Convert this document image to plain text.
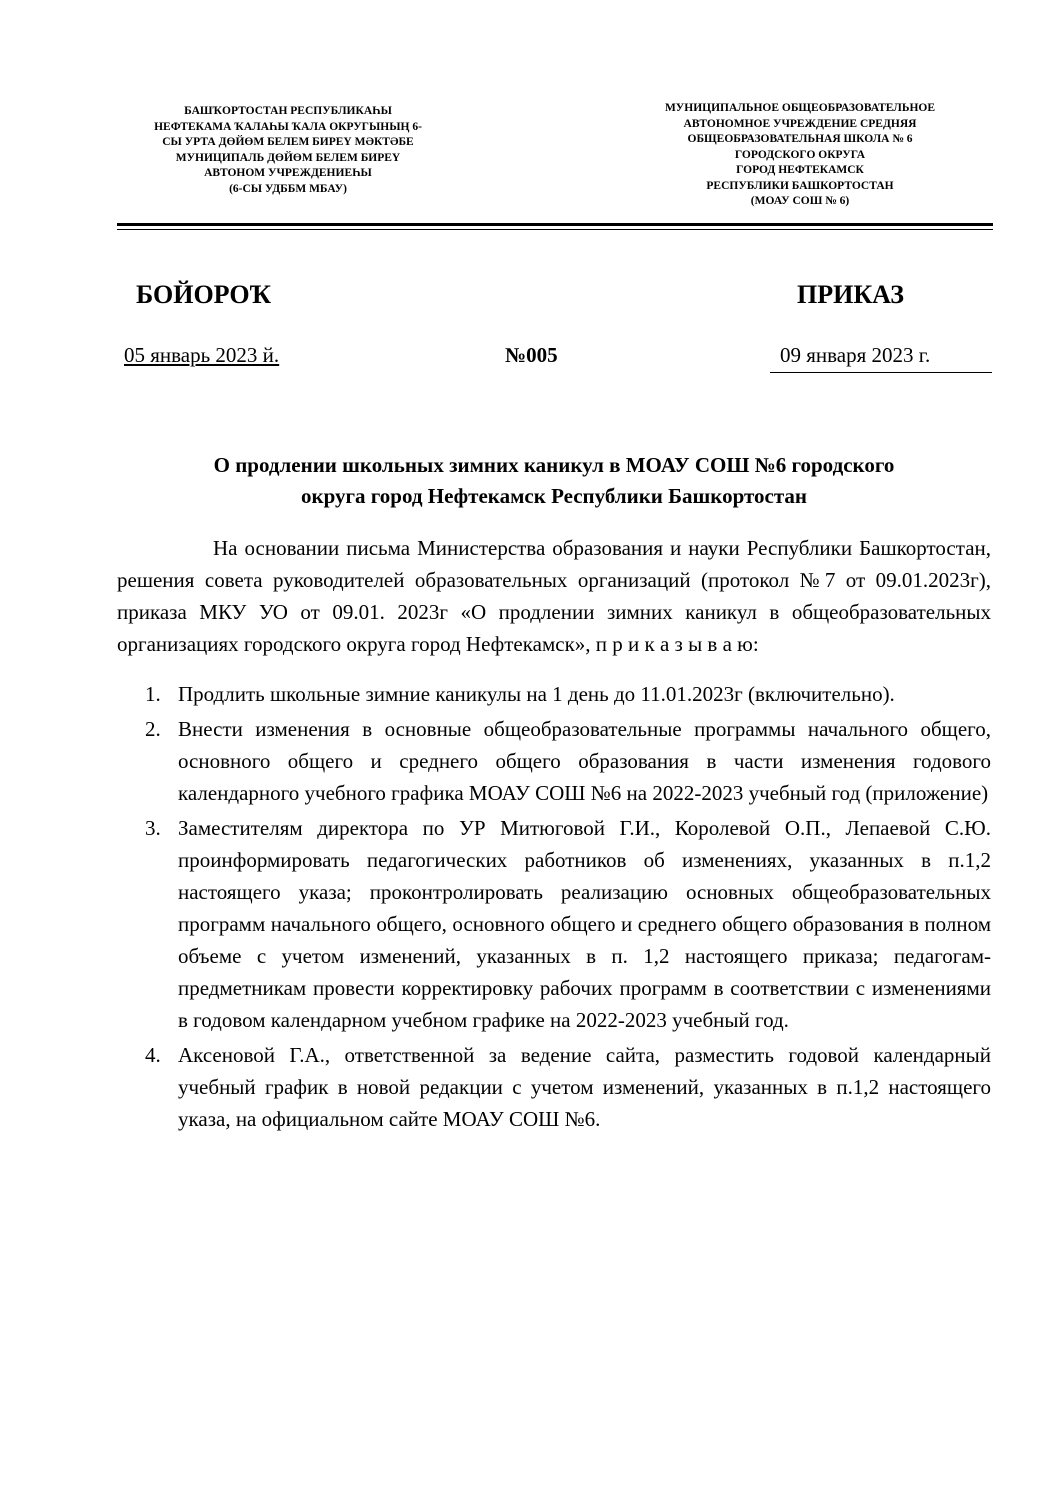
БАШҠОРТОСТАН РЕСПУБЛИКАҺЫ
НЕФТЕКАМА ҠАЛАҺЫ ҠАЛА ОКРУГЫНЫҢ 6-
СЫ УРТА ДӨЙӨМ БЕЛЕМ БИРЕҮ МӘКТӘБЕ
МУНИЦИПАЛЬ ДӨЙӨМ БЕЛЕМ БИРЕҮ
АВТОНОМ УЧРЕЖДЕНИЕҺЫ
(6-СЫ УДББМ МБАУ)
МУНИЦИПАЛЬНОЕ ОБЩЕОБРАЗОВАТЕЛЬНОЕ
АВТОНОМНОЕ УЧРЕЖДЕНИЕ СРЕДНЯЯ
ОБЩЕОБРАЗОВАТЕЛЬНАЯ ШКОЛА № 6
ГОРОДСКОГО ОКРУГА
ГОРОД НЕФТЕКАМСК
РЕСПУБЛИКИ БАШКОРТОСТАН
(МОАУ СОШ № 6)
БОЙОРОҠ	ПРИКАЗ
05 январь 2023 й.	№005	09 января 2023 г.
О продлении школьных зимних каникул в МОАУ СОШ №6 городского
округа город Нефтекамск Республики Башкортостан

На основании письма Министерства образования и науки Республики Башкортостан, решения совета руководителей образовательных организаций (протокол №7 от 09.01.2023г), приказа МКУ УО от 09.01. 2023г «О продлении зимних каникул в общеобразовательных организациях городского округа город Нефтекамск», п р и к а з ы в а ю:

1. Продлить школьные зимние каникулы на 1 день до 11.01.2023г (включительно).
2. Внести изменения в основные общеобразовательные программы начального общего, основного общего и среднего общего образования в части изменения годового календарного учебного графика МОАУ СОШ №6 на 2022-2023 учебный год (приложение)
3. Заместителям директора по УР Митюговой Г.И., Королевой О.П., Лепаевой С.Ю. проинформировать педагогических работников об изменениях, указанных в п.1,2 настоящего указа; проконтролировать реализацию основных общеобразовательных программ начального общего, основного общего и среднего общего образования в полном объеме с учетом изменений, указанных в п. 1,2 настоящего приказа; педагогам-предметникам провести корректировку рабочих программ в соответствии с изменениями в годовом календарном учебном графике на 2022-2023 учебный год.
4. Аксеновой Г.А., ответственной за ведение сайта, разместить годовой календарный учебный график в новой редакции с учетом изменений, указанных в п.1,2 настоящего указа, на официальном сайте МОАУ СОШ №6.
